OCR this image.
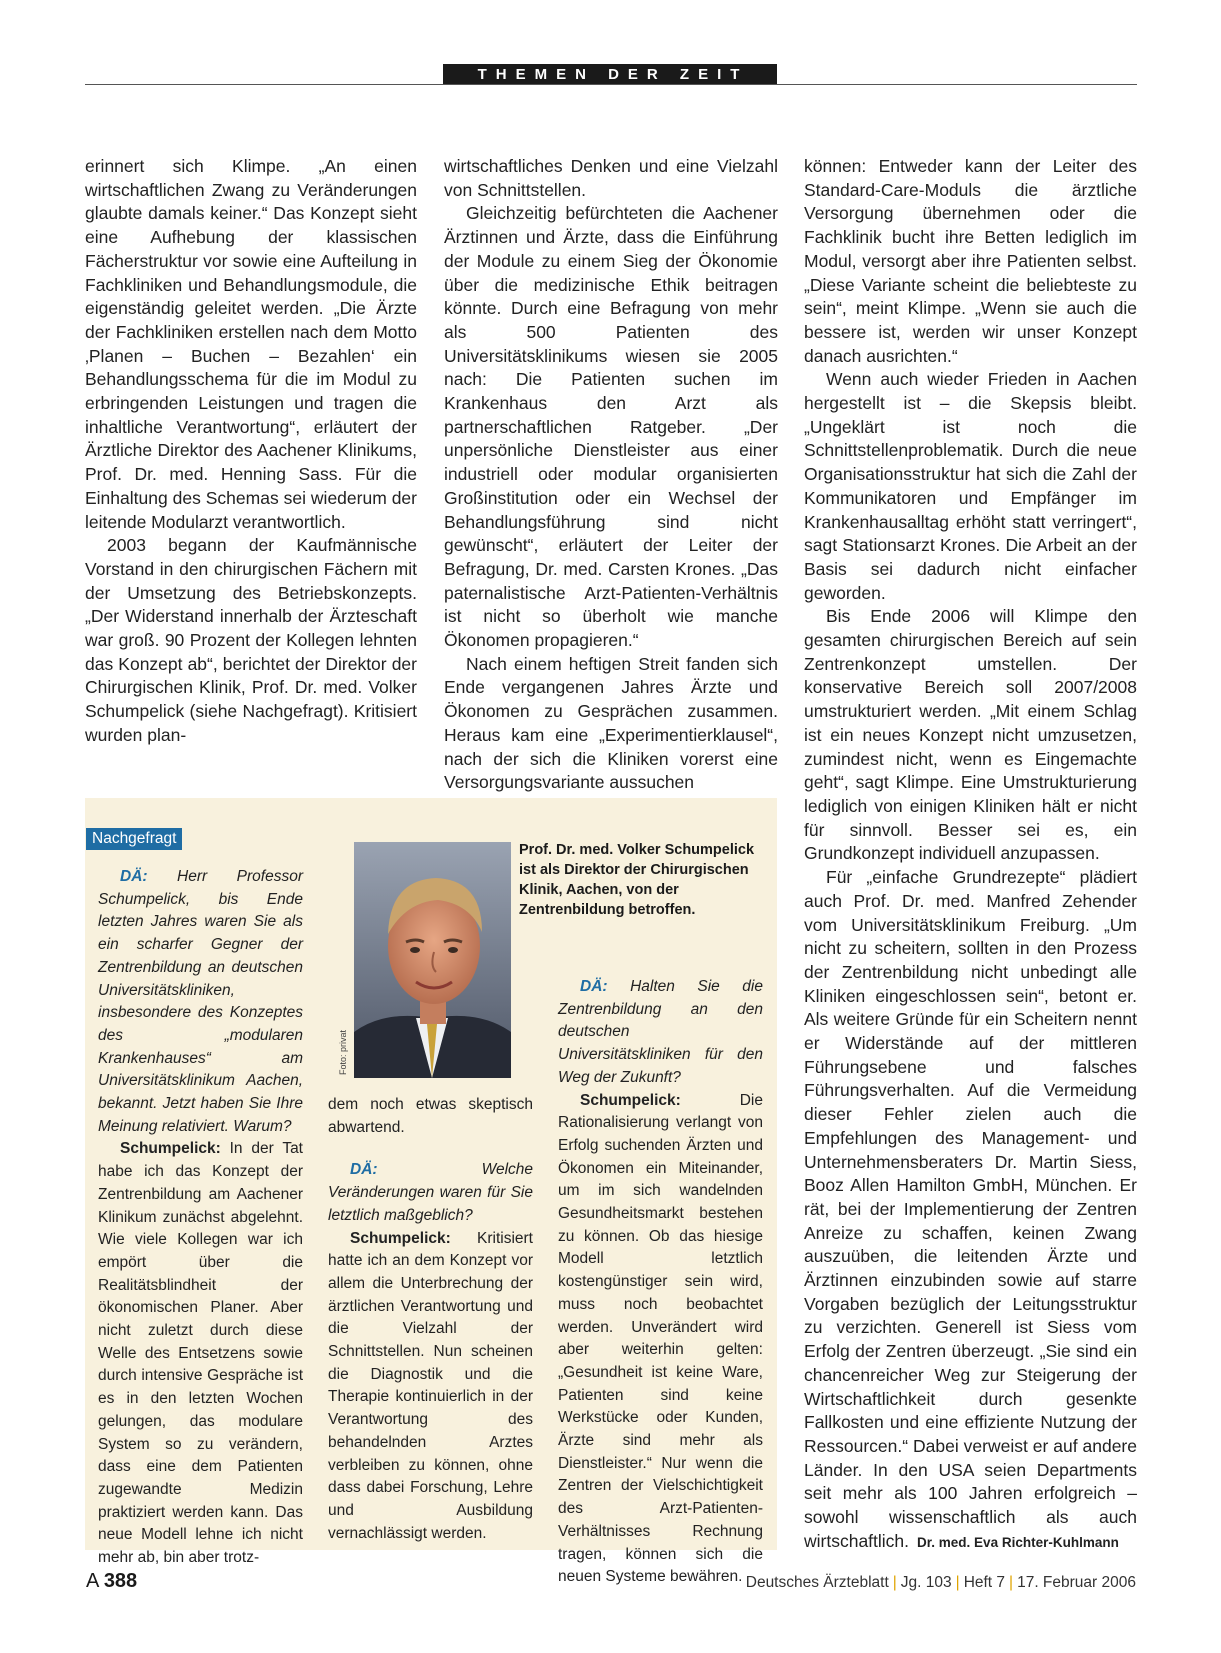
THEMEN DER ZEIT

erinnert sich Klimpe. „An einen wirtschaftlichen Zwang zu Veränderungen glaubte damals keiner.“ Das Konzept sieht eine Aufhebung der klassischen Fächerstruktur vor sowie eine Aufteilung in Fachkliniken und Behandlungsmodule, die eigenständig geleitet werden. „Die Ärzte der Fachkliniken erstellen nach dem Motto ‚Planen – Buchen – Bezahlen‘ ein Behandlungsschema für die im Modul zu erbringenden Leistungen und tragen die inhaltliche Verantwortung“, erläutert der Ärztliche Direktor des Aachener Klinikums, Prof. Dr. med. Henning Sass. Für die Einhaltung des Schemas sei wiederum der leitende Modularzt verantwortlich.

2003 begann der Kaufmännische Vorstand in den chirurgischen Fächern mit der Umsetzung des Betriebskonzepts. „Der Widerstand innerhalb der Ärzteschaft war groß. 90 Prozent der Kollegen lehnten das Konzept ab“, berichtet der Direktor der Chirurgischen Klinik, Prof. Dr. med. Volker Schumpelick (siehe Nachgefragt). Kritisiert wurden plan-

wirtschaftliches Denken und eine Vielzahl von Schnittstellen.

Gleichzeitig befürchteten die Aachener Ärztinnen und Ärzte, dass die Einführung der Module zu einem Sieg der Ökonomie über die medizinische Ethik beitragen könnte. Durch eine Befragung von mehr als 500 Patienten des Universitätsklinikums wiesen sie 2005 nach: Die Patienten suchen im Krankenhaus den Arzt als partnerschaftlichen Ratgeber. „Der unpersönliche Dienstleister aus einer industriell oder modular organisierten Großinstitution oder ein Wechsel der Behandlungsführung sind nicht gewünscht“, erläutert der Leiter der Befragung, Dr. med. Carsten Krones. „Das paternalistische Arzt-Patienten-Verhältnis ist nicht so überholt wie manche Ökonomen propagieren.“

Nach einem heftigen Streit fanden sich Ende vergangenen Jahres Ärzte und Ökonomen zu Gesprächen zusammen. Heraus kam eine „Experimentierklausel“, nach der sich die Kliniken vorerst eine Versorgungsvariante aussuchen

können: Entweder kann der Leiter des Standard-Care-Moduls die ärztliche Versorgung übernehmen oder die Fachklinik bucht ihre Betten lediglich im Modul, versorgt aber ihre Patienten selbst. „Diese Variante scheint die beliebteste zu sein“, meint Klimpe. „Wenn sie auch die bessere ist, werden wir unser Konzept danach ausrichten.“

Wenn auch wieder Frieden in Aachen hergestellt ist – die Skepsis bleibt. „Ungeklärt ist noch die Schnittstellenproblematik. Durch die neue Organisationsstruktur hat sich die Zahl der Kommunikatoren und Empfänger im Krankenhausalltag erhöht statt verringert“, sagt Stationsarzt Krones. Die Arbeit an der Basis sei dadurch nicht einfacher geworden.

Bis Ende 2006 will Klimpe den gesamten chirurgischen Bereich auf sein Zentrenkonzept umstellen. Der konservative Bereich soll 2007/2008 umstrukturiert werden. „Mit einem Schlag ist ein neues Konzept nicht umzusetzen, zumindest nicht, wenn es Eingemachte geht“, sagt Klimpe. Eine Umstrukturierung lediglich von einigen Kliniken hält er nicht für sinnvoll. Besser sei es, ein Grundkonzept individuell anzupassen.

Für „einfache Grundrezepte“ plädiert auch Prof. Dr. med. Manfred Zehender vom Universitätsklinikum Freiburg. „Um nicht zu scheitern, sollten in den Prozess der Zentrenbildung nicht unbedingt alle Kliniken eingeschlossen sein“, betont er. Als weitere Gründe für ein Scheitern nennt er Widerstände auf der mittleren Führungsebene und falsches Führungsverhalten. Auf die Vermeidung dieser Fehler zielen auch die Empfehlungen des Management- und Unternehmensberaters Dr. Martin Siess, Booz Allen Hamilton GmbH, München. Er rät, bei der Implementierung der Zentren Anreize zu schaffen, keinen Zwang auszuüben, die leitenden Ärzte und Ärztinnen einzubinden sowie auf starre Vorgaben bezüglich der Leitungsstruktur zu verzichten. Generell ist Siess vom Erfolg der Zentren überzeugt. „Sie sind ein chancenreicher Weg zur Steigerung der Wirtschaftlichkeit durch gesenkte Fallkosten und eine effiziente Nutzung der Ressourcen.“ Dabei verweist er auf andere Länder. In den USA seien Departments seit mehr als 100 Jahren erfolgreich – sowohl wissenschaftlich als auch wirtschaftlich. Dr. med. Eva Richter-Kuhlmann

Nachgefragt
Foto: privat
Prof. Dr. med. Volker Schumpelick ist als Direktor der Chirurgischen Klinik, Aachen, von der Zentrenbildung betroffen.

DÄ: Herr Professor Schumpelick, bis Ende letzten Jahres waren Sie als ein scharfer Gegner der Zentrenbildung an deutschen Universitätskliniken, insbesondere des Konzeptes des „modularen Krankenhauses“ am Universitätsklinikum Aachen, bekannt. Jetzt haben Sie Ihre Meinung relativiert. Warum?

Schumpelick: In der Tat habe ich das Konzept der Zentrenbildung am Aachener Klinikum zunächst abgelehnt. Wie viele Kollegen war ich empört über die Realitätsblindheit der ökonomischen Planer. Aber nicht zuletzt durch diese Welle des Entsetzens sowie durch intensive Gespräche ist es in den letzten Wochen gelungen, das modulare System so zu verändern, dass eine dem Patienten zugewandte Medizin praktiziert werden kann. Das neue Modell lehne ich nicht mehr ab, bin aber trotz-

dem noch etwas skeptisch abwartend.

DÄ:	Welche Veränderungen waren für Sie letztlich maßgeblich?

Schumpelick: Kritisiert hatte ich an dem Konzept vor allem die Unterbrechung der ärztlichen Verantwortung und die Vielzahl der Schnittstellen. Nun scheinen die Diagnostik und die Therapie kontinuierlich in der Verantwortung des behandelnden Arztes verbleiben zu können, ohne dass dabei Forschung, Lehre und Ausbildung vernachlässigt werden.

DÄ: Halten Sie die Zentrenbildung an den deutschen Universitätskliniken für den Weg der Zukunft?

Schumpelick:	Die Rationalisierung verlangt von Erfolg suchenden Ärzten und Ökonomen ein Miteinander, um im sich wandelnden Gesundheitsmarkt bestehen zu können. Ob das hiesige Modell letztlich kostengünstiger sein wird, muss noch beobachtet werden. Unverändert wird aber weiterhin gelten: „Gesundheit ist keine Ware, Patienten sind keine Werkstücke oder Kunden, Ärzte sind mehr als Dienstleister.“ Nur wenn die Zentren der Vielschichtigkeit des Arzt-Patienten-Verhältnisses Rechnung tragen, können sich die neuen Systeme bewähren.

A 388	Deutsches Ärzteblatt | Jg. 103 | Heft 7 | 17. Februar 2006
